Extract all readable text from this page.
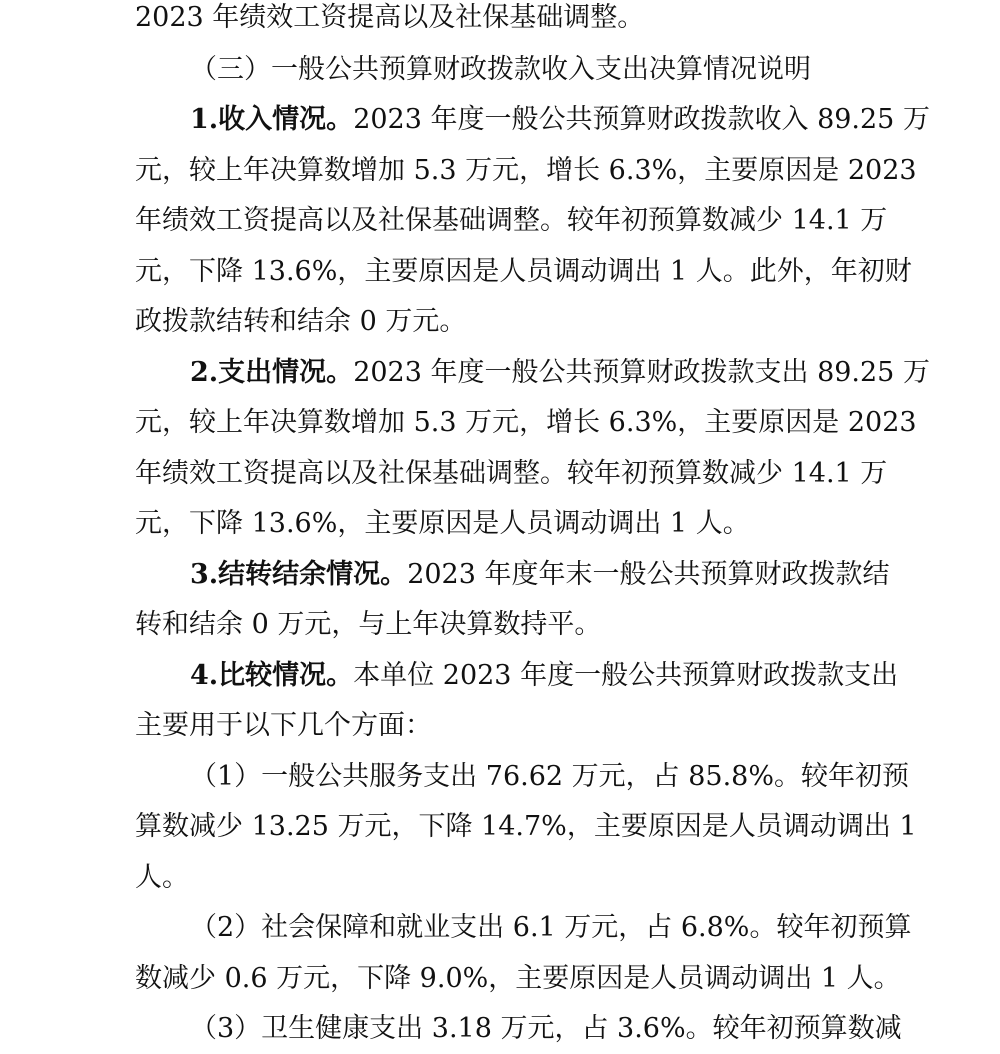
2023 年绩效工资提高以及社保基础调整。
（三）一般公共预算财政拨款收入支出决算情况说明
1.收入情况。2023 年度一般公共预算财政拨款收入 89.25 万
元，较上年决算数增加 5.3 万元，增长 6.3%，主要原因是 2023
年绩效工资提高以及社保基础调整。较年初预算数减少 14.1 万
元，下降 13.6%，主要原因是人员调动调出 1 人。此外，年初财
政拨款结转和结余 0 万元。
2.支出情况。2023 年度一般公共预算财政拨款支出 89.25 万
元，较上年决算数增加 5.3 万元，增长 6.3%，主要原因是 2023
年绩效工资提高以及社保基础调整。较年初预算数减少 14.1 万
元，下降 13.6%，主要原因是人员调动调出 1 人。
3.结转结余情况。2023 年度年末一般公共预算财政拨款结
转和结余 0 万元，与上年决算数持平。
4.比较情况。本单位 2023 年度一般公共预算财政拨款支出
主要用于以下几个方面：
（1）一般公共服务支出 76.62 万元，占 85.8%。较年初预
算数减少 13.25 万元，下降 14.7%，主要原因是人员调动调出 1
人。
（2）社会保障和就业支出 6.1 万元，占 6.8%。较年初预算
数减少 0.6 万元，下降 9.0%，主要原因是人员调动调出 1 人。
（3）卫生健康支出 3.18 万元，占 3.6%。较年初预算数减
